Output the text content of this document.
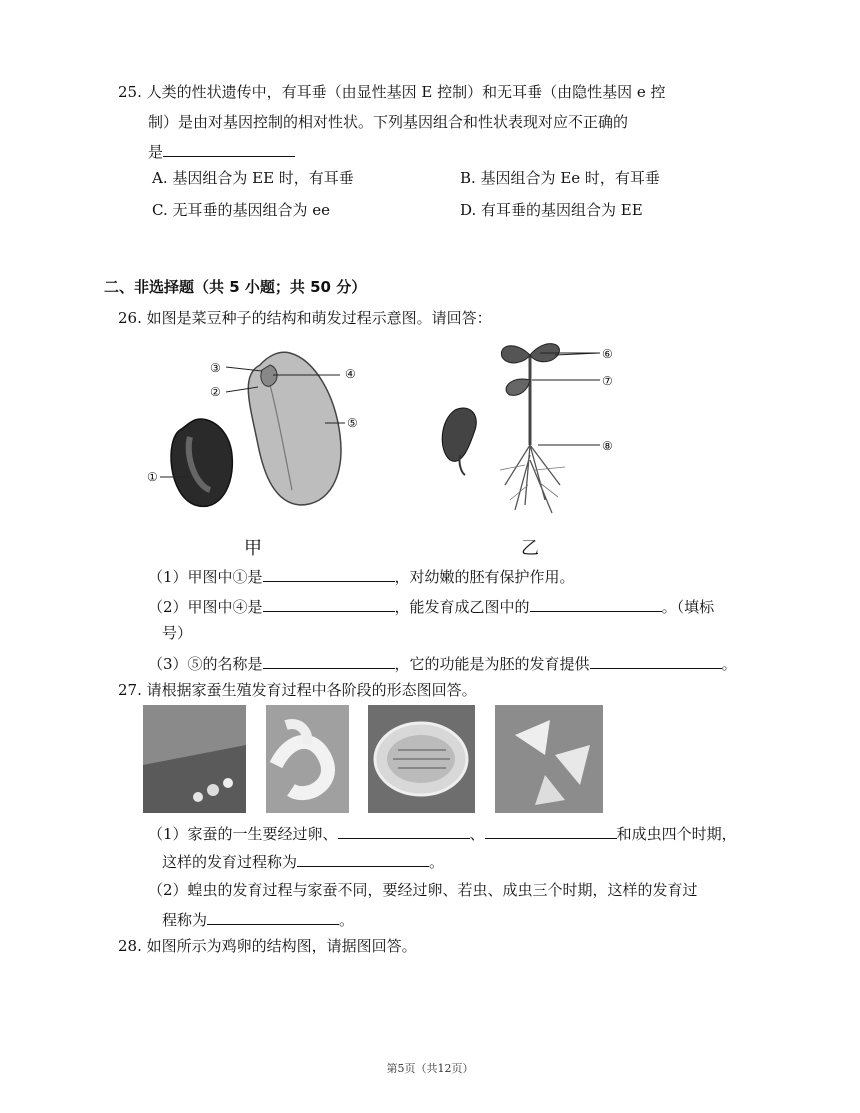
25. 人类的性状遗传中，有耳垂（由显性基因 E 控制）和无耳垂（由隐性基因 e 控
制）是由对基因控制的相对性状。下列基因组合和性状表现对应不正确的
是
A. 基因组合为 EE 时，有耳垂	B. 基因组合为 Ee 时，有耳垂
C. 无耳垂的基因组合为 ee	D. 有耳垂的基因组合为 EE
二、非选择题（共 5 小题；共 50 分）
26. 如图是菜豆种子的结构和萌发过程示意图。请回答：
③
②
④
⑤
①
⑥
⑦
⑧
甲	乙
（1）甲图中①是	，对幼嫩的胚有保护作用。
（2）甲图中④是	，能发育成乙图中的	。（填标
号）
（3）⑤的名称是	，它的功能是为胚的发育提供	。
27. 请根据家蚕生殖发育过程中各阶段的形态图回答。
（1）家蚕的一生要经过卵、	、	和成虫四个时期，
这样的发育过程称为	。
（2）蝗虫的发育过程与家蚕不同，要经过卵、若虫、成虫三个时期，这样的发育过
程称为	。
28. 如图所示为鸡卵的结构图，请据图回答。
第5页（共12页）
